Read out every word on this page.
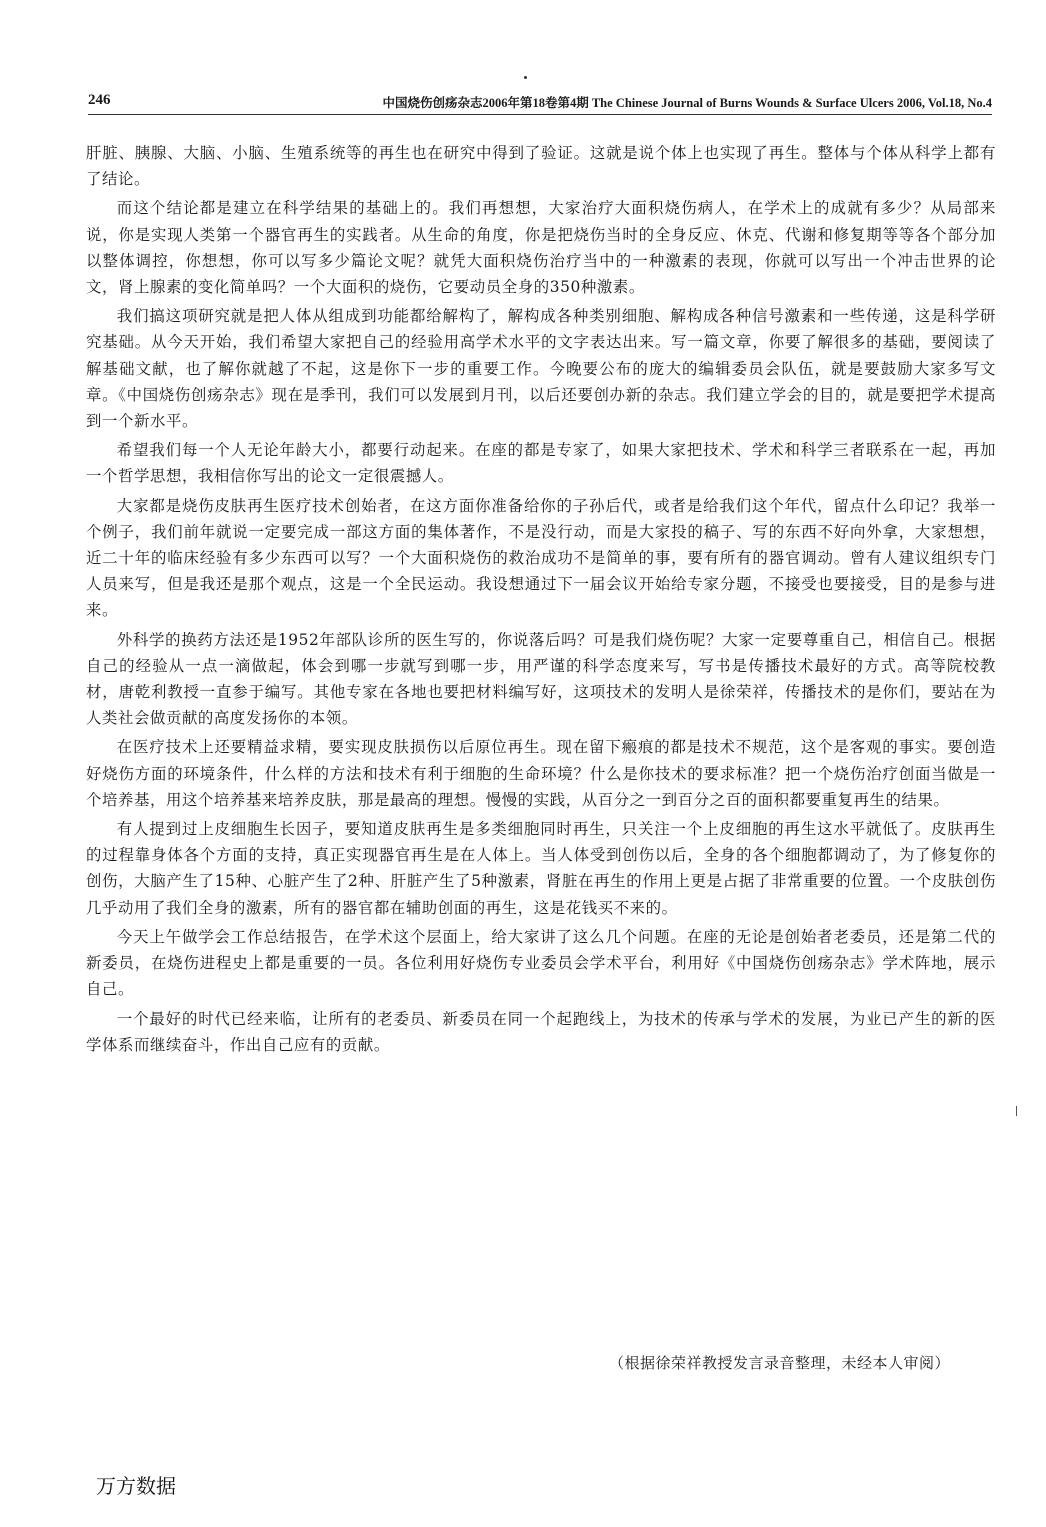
246	中国烧伤创疡杂志2006年第18卷第4期 The Chinese Journal of Burns Wounds & Surface Ulcers 2006, Vol.18, No.4

肝脏、胰腺、大脑、小脑、生殖系统等的再生也在研究中得到了验证。这就是说个体上也实现了再生。整体与个体从科学上都有了结论。

而这个结论都是建立在科学结果的基础上的。我们再想想，大家治疗大面积烧伤病人，在学术上的成就有多少？从局部来说，你是实现人类第一个器官再生的实践者。从生命的角度，你是把烧伤当时的全身反应、休克、代谢和修复期等等各个部分加以整体调控，你想想，你可以写多少篇论文呢？就凭大面积烧伤治疗当中的一种激素的表现，你就可以写出一个冲击世界的论文，肾上腺素的变化简单吗？一个大面积的烧伤，它要动员全身的350种激素。

我们搞这项研究就是把人体从组成到功能都给解构了，解构成各种类别细胞、解构成各种信号激素和一些传递，这是科学研究基础。从今天开始，我们希望大家把自己的经验用高学术水平的文字表达出来。写一篇文章，你要了解很多的基础，要阅读了解基础文献，也了解你就越了不起，这是你下一步的重要工作。今晚要公布的庞大的编辑委员会队伍，就是要鼓励大家多写文章。《中国烧伤创疡杂志》现在是季刊，我们可以发展到月刊，以后还要创办新的杂志。我们建立学会的目的，就是要把学术提高到一个新水平。

希望我们每一个人无论年龄大小，都要行动起来。在座的都是专家了，如果大家把技术、学术和科学三者联系在一起，再加一个哲学思想，我相信你写出的论文一定很震撼人。

大家都是烧伤皮肤再生医疗技术创始者，在这方面你准备给你的子孙后代，或者是给我们这个年代，留点什么印记？我举一个例子，我们前年就说一定要完成一部这方面的集体著作，不是没行动，而是大家投的稿子、写的东西不好向外拿，大家想想，近二十年的临床经验有多少东西可以写？一个大面积烧伤的救治成功不是简单的事，要有所有的器官调动。曾有人建议组织专门人员来写，但是我还是那个观点，这是一个全民运动。我设想通过下一届会议开始给专家分题，不接受也要接受，目的是参与进来。

外科学的换药方法还是1952年部队诊所的医生写的，你说落后吗？可是我们烧伤呢？大家一定要尊重自己，相信自己。根据自己的经验从一点一滴做起，体会到哪一步就写到哪一步，用严谨的科学态度来写，写书是传播技术最好的方式。高等院校教材，唐乾利教授一直参于编写。其他专家在各地也要把材料编写好，这项技术的发明人是徐荣祥，传播技术的是你们，要站在为人类社会做贡献的高度发扬你的本领。

在医疗技术上还要精益求精，要实现皮肤损伤以后原位再生。现在留下瘢痕的都是技术不规范，这个是客观的事实。要创造好烧伤方面的环境条件，什么样的方法和技术有利于细胞的生命环境？什么是你技术的要求标准？把一个烧伤治疗创面当做是一个培养基，用这个培养基来培养皮肤，那是最高的理想。慢慢的实践，从百分之一到百分之百的面积都要重复再生的结果。

有人提到过上皮细胞生长因子，要知道皮肤再生是多类细胞同时再生，只关注一个上皮细胞的再生这水平就低了。皮肤再生的过程靠身体各个方面的支持，真正实现器官再生是在人体上。当人体受到创伤以后，全身的各个细胞都调动了，为了修复你的创伤，大脑产生了15种、心脏产生了2种、肝脏产生了5种激素，肾脏在再生的作用上更是占据了非常重要的位置。一个皮肤创伤几乎动用了我们全身的激素，所有的器官都在辅助创面的再生，这是花钱买不来的。

今天上午做学会工作总结报告，在学术这个层面上，给大家讲了这么几个问题。在座的无论是创始者老委员，还是第二代的新委员，在烧伤进程史上都是重要的一员。各位利用好烧伤专业委员会学术平台，利用好《中国烧伤创疡杂志》学术阵地，展示自己。

一个最好的时代已经来临，让所有的老委员、新委员在同一个起跑线上，为技术的传承与学术的发展，为业已产生的新的医学体系而继续奋斗，作出自己应有的贡献。

（根据徐荣祥教授发言录音整理，未经本人审阅）
万方数据
